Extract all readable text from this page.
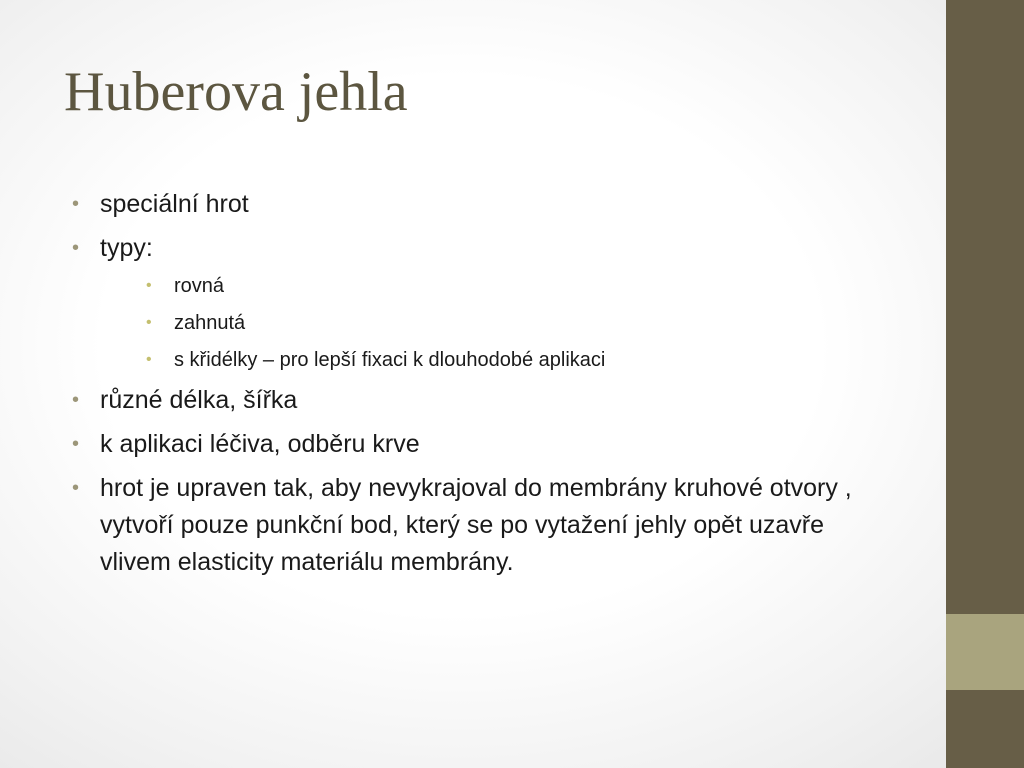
Huberova jehla
• speciální hrot
• typy:
• rovná
• zahnutá
• s křidélky – pro lepší fixaci k dlouhodobé aplikaci
• různé délka, šířka
• k aplikaci léčiva, odběru krve
• hrot je upraven tak, aby nevykrajoval do membrány kruhové otvory , vytvoří pouze punkční bod, který se po vytažení jehly opět uzavře vlivem elasticity materiálu membrány.
